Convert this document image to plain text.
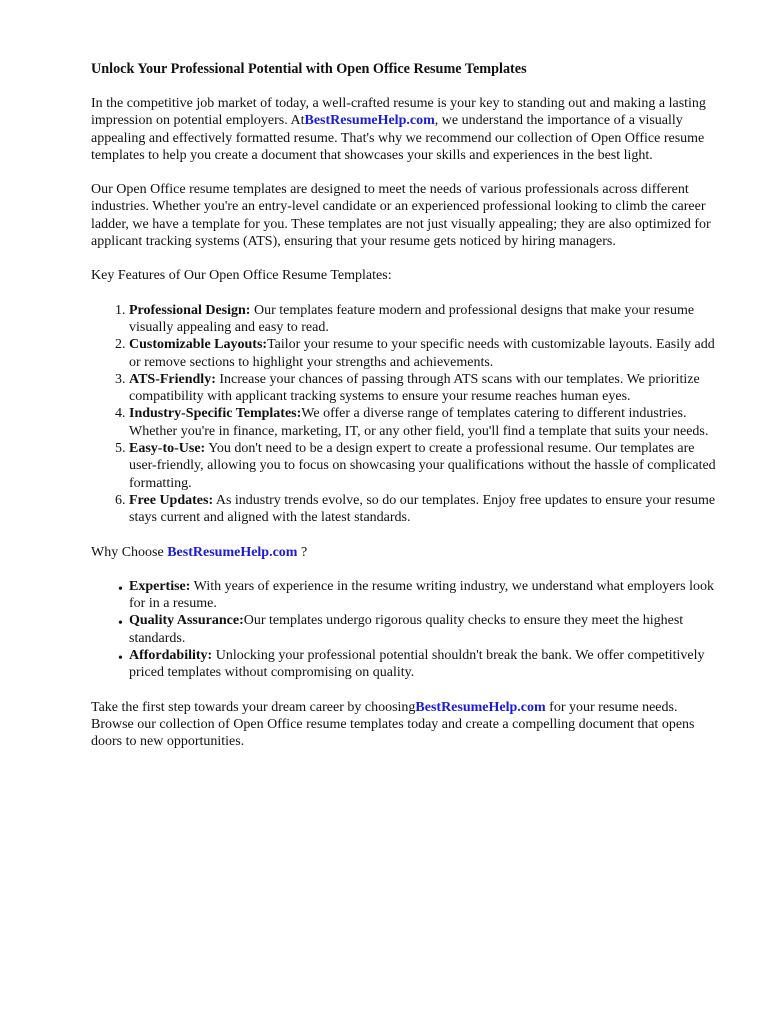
Unlock Your Professional Potential with Open Office Resume Templates

In the competitive job market of today, a well-crafted resume is your key to standing out and making a lasting impression on potential employers. AtBestResumeHelp.com, we understand the importance of a visually appealing and effectively formatted resume. That's why we recommend our collection of Open Office resume templates to help you create a document that showcases your skills and experiences in the best light.

Our Open Office resume templates are designed to meet the needs of various professionals across different industries. Whether you're an entry-level candidate or an experienced professional looking to climb the career ladder, we have a template for you. These templates are not just visually appealing; they are also optimized for applicant tracking systems (ATS), ensuring that your resume gets noticed by hiring managers.

Key Features of Our Open Office Resume Templates:

1. Professional Design: Our templates feature modern and professional designs that make your resume visually appealing and easy to read.
2. Customizable Layouts:Tailor your resume to your specific needs with customizable layouts. Easily add or remove sections to highlight your strengths and achievements.
3. ATS-Friendly: Increase your chances of passing through ATS scans with our templates. We prioritize compatibility with applicant tracking systems to ensure your resume reaches human eyes.
4. Industry-Specific Templates:We offer a diverse range of templates catering to different industries. Whether you're in finance, marketing, IT, or any other field, you'll find a template that suits your needs.
5. Easy-to-Use: You don't need to be a design expert to create a professional resume. Our templates are user-friendly, allowing you to focus on showcasing your qualifications without the hassle of complicated formatting.
6. Free Updates: As industry trends evolve, so do our templates. Enjoy free updates to ensure your resume stays current and aligned with the latest standards.

Why Choose BestResumeHelp.com ?

• Expertise: With years of experience in the resume writing industry, we understand what employers look for in a resume.
• Quality Assurance:Our templates undergo rigorous quality checks to ensure they meet the highest standards.
• Affordability: Unlocking your professional potential shouldn't break the bank. We offer competitively priced templates without compromising on quality.

Take the first step towards your dream career by choosingBestResumeHelp.com for your resume needs. Browse our collection of Open Office resume templates today and create a compelling document that opens doors to new opportunities.
